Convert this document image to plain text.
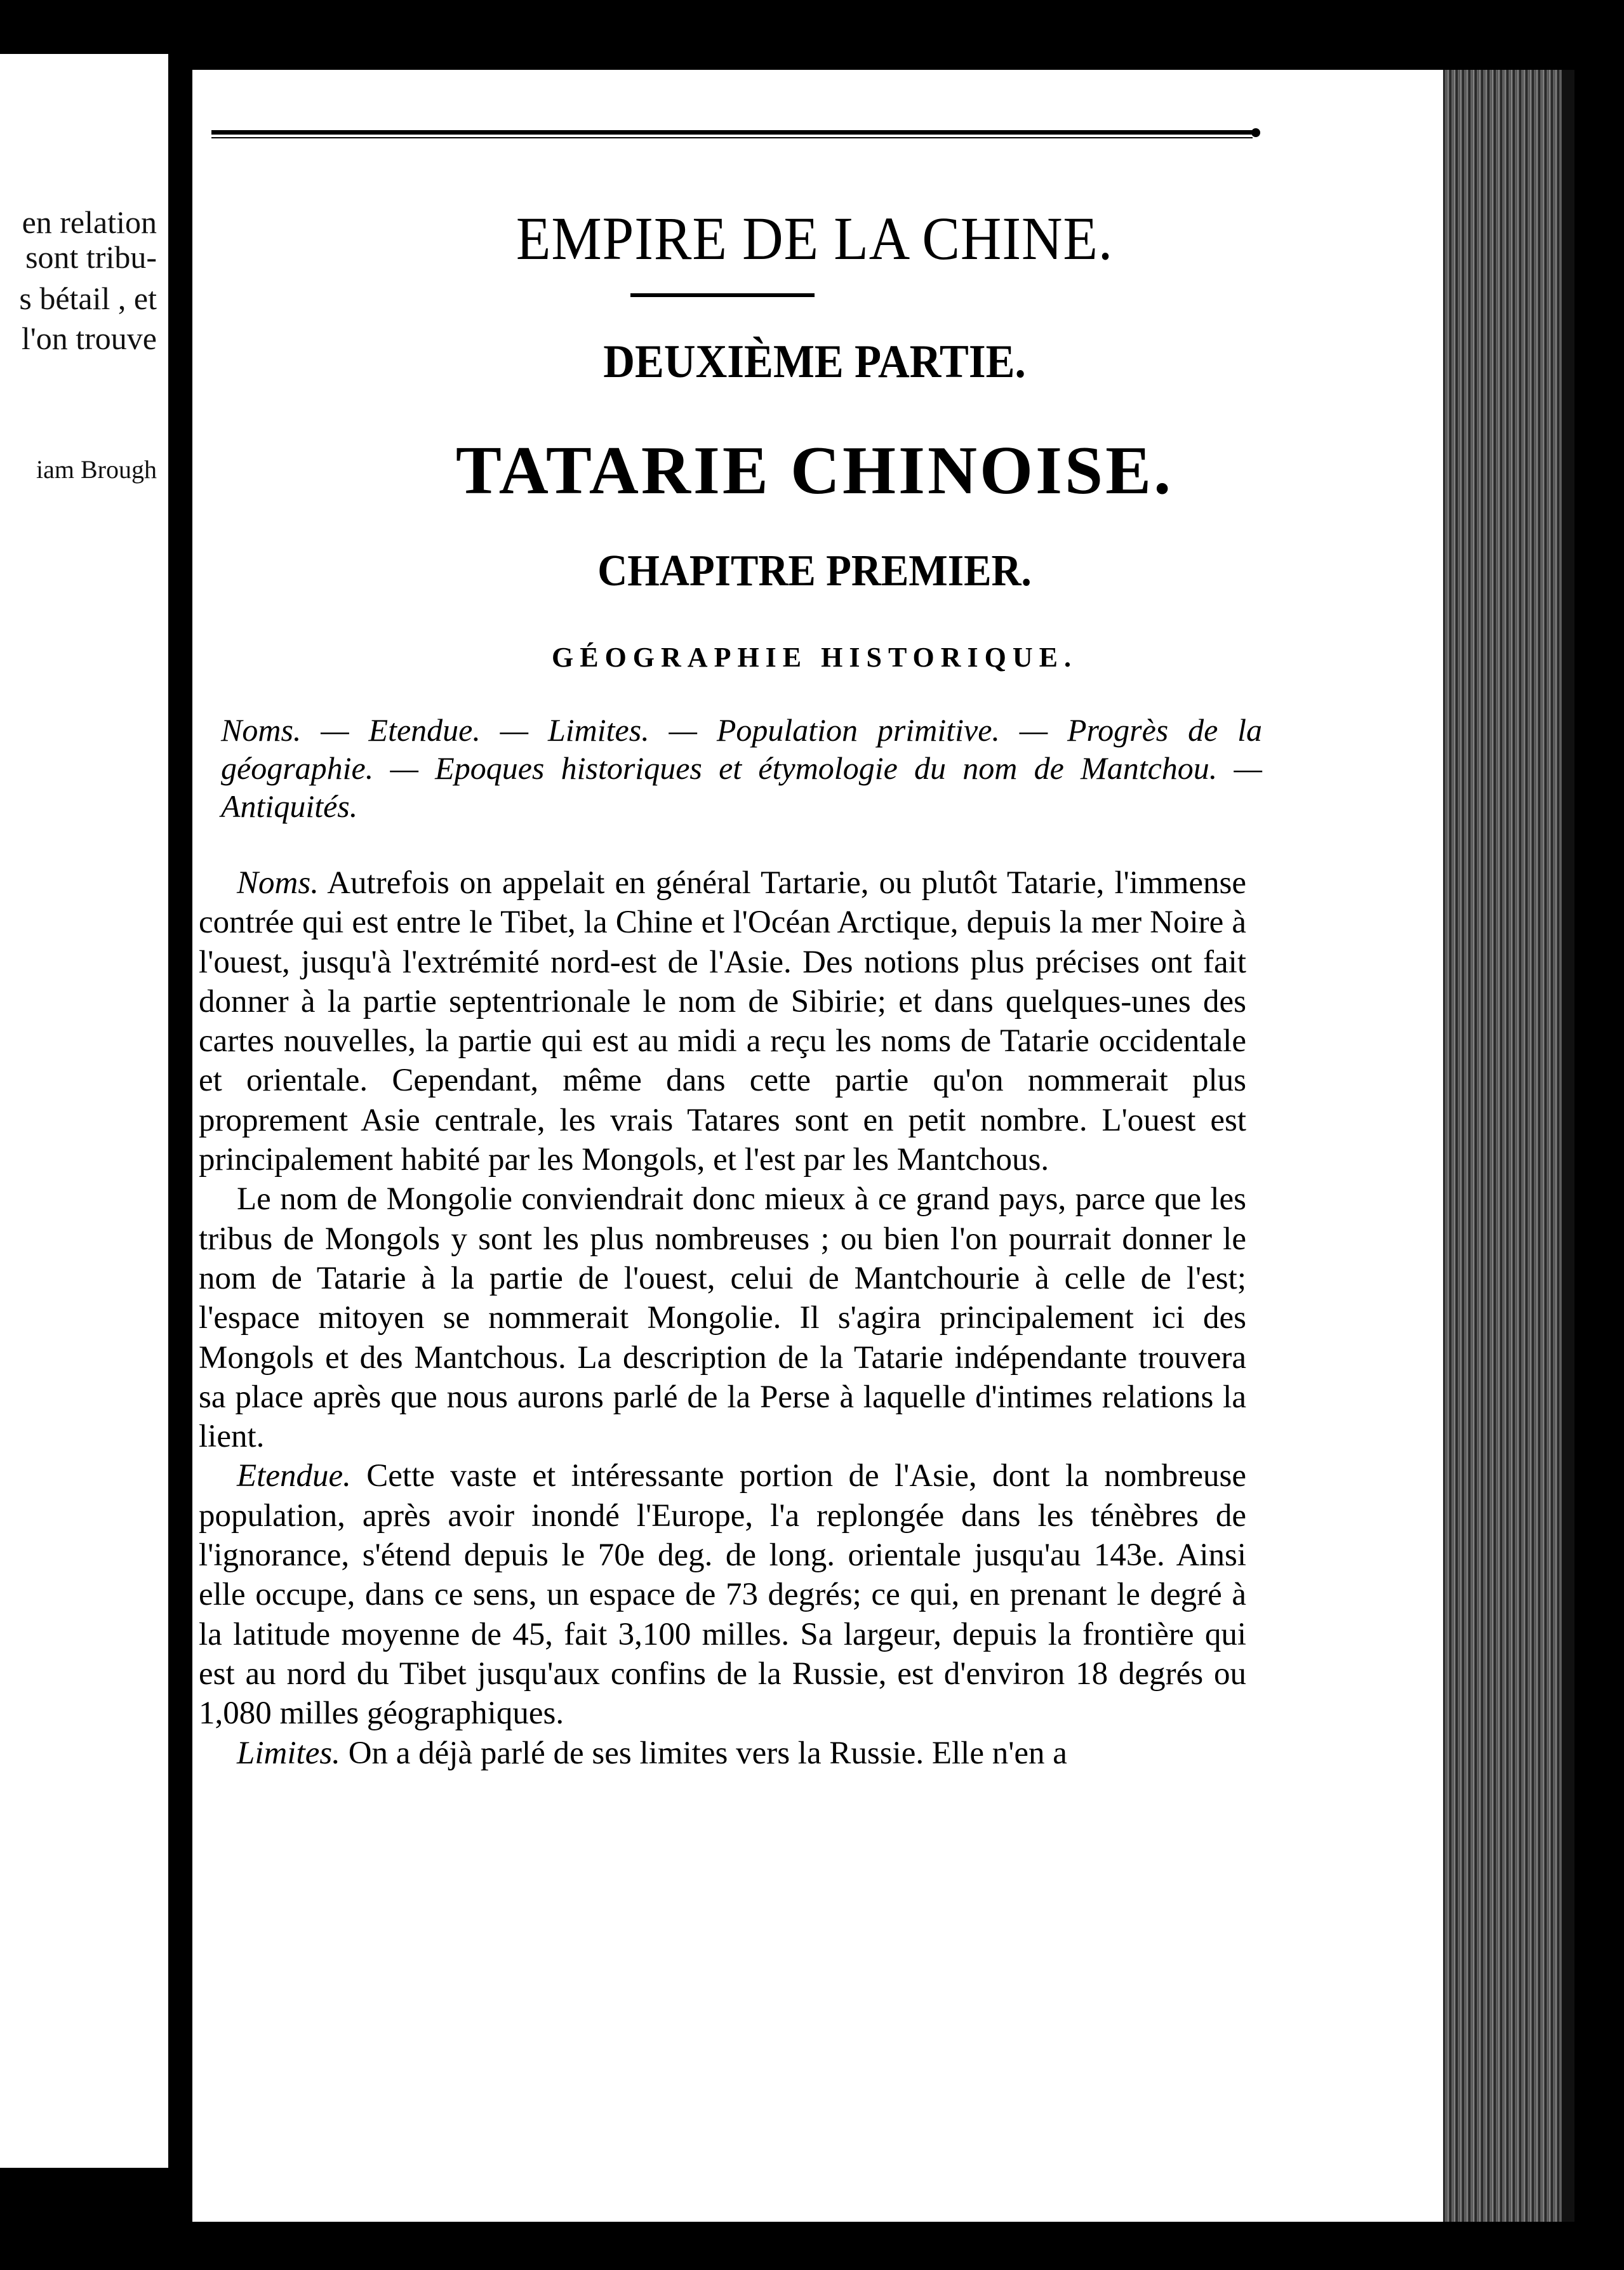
en relation
sont tribu-
s bétail , et
l'on trouve
iam Brough
EMPIRE DE LA CHINE.
DEUXIÈME PARTIE.
TATARIE CHINOISE.
CHAPITRE PREMIER.
GÉOGRAPHIE HISTORIQUE.
Noms. — Etendue. — Limites. — Population primitive. — Progrès de la géographie. — Epoques historiques et étymologie du nom de Mantchou. — Antiquités.

Noms. Autrefois on appelait en général Tartarie, ou plutôt Tatarie, l'immense contrée qui est entre le Tibet, la Chine et l'Océan Arctique, depuis la mer Noire à l'ouest, jusqu'à l'extrémité nord-est de l'Asie. Des notions plus précises ont fait donner à la partie septentrionale le nom de Sibirie; et dans quelques-unes des cartes nouvelles, la partie qui est au midi a reçu les noms de Tatarie occidentale et orientale. Cependant, même dans cette partie qu'on nommerait plus proprement Asie centrale, les vrais Tatares sont en petit nombre. L'ouest est principalement habité par les Mongols, et l'est par les Mantchous.

Le nom de Mongolie conviendrait donc mieux à ce grand pays, parce que les tribus de Mongols y sont les plus nombreuses ; ou bien l'on pourrait donner le nom de Tatarie à la partie de l'ouest, celui de Mantchourie à celle de l'est; l'espace mitoyen se nommerait Mongolie. Il s'agira principalement ici des Mongols et des Mantchous. La description de la Tatarie indépendante trouvera sa place après que nous aurons parlé de la Perse à laquelle d'intimes relations la lient.

Etendue. Cette vaste et intéressante portion de l'Asie, dont la nombreuse population, après avoir inondé l'Europe, l'a replongée dans les ténèbres de l'ignorance, s'étend depuis le 70e deg. de long. orientale jusqu'au 143e. Ainsi elle occupe, dans ce sens, un espace de 73 degrés; ce qui, en prenant le degré à la latitude moyenne de 45, fait 3,100 milles. Sa largeur, depuis la frontière qui est au nord du Tibet jusqu'aux confins de la Russie, est d'environ 18 degrés ou 1,080 milles géographiques.

Limites. On a déjà parlé de ses limites vers la Russie. Elle n'en a
